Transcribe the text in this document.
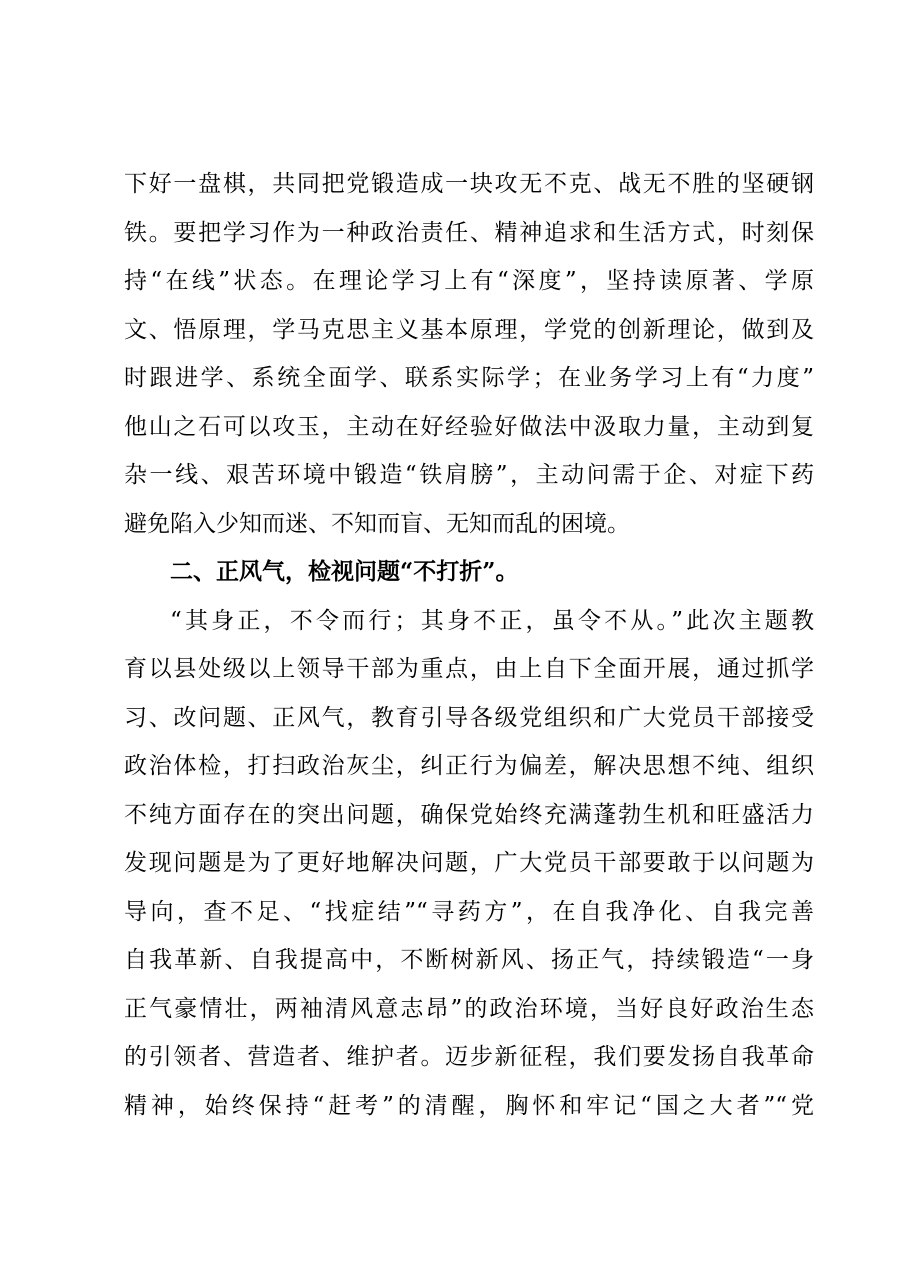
下好一盘棋，共同把党锻造成一块攻无不克、战无不胜的坚硬钢
铁。要把学习作为一种政治责任、精神追求和生活方式，时刻保
持“在线”状态。在理论学习上有“深度”，坚持读原著、学原
文、悟原理，学马克思主义基本原理，学党的创新理论，做到及
时跟进学、系统全面学、联系实际学；在业务学习上有“力度”
他山之石可以攻玉，主动在好经验好做法中汲取力量，主动到复
杂一线、艰苦环境中锻造“铁肩膀”，主动问需于企、对症下药
避免陷入少知而迷、不知而盲、无知而乱的困境。
二、正风气，检视问题“不打折”。
“其身正，不令而行；其身不正，虽令不从。”此次主题教
育以县处级以上领导干部为重点，由上自下全面开展，通过抓学
习、改问题、正风气，教育引导各级党组织和广大党员干部接受
政治体检，打扫政治灰尘，纠正行为偏差，解决思想不纯、组织
不纯方面存在的突出问题，确保党始终充满蓬勃生机和旺盛活力
发现问题是为了更好地解决问题，广大党员干部要敢于以问题为
导向，查不足、“找症结”“寻药方”，在自我净化、自我完善
自我革新、自我提高中，不断树新风、扬正气，持续锻造“一身
正气豪情壮，两袖清风意志昂”的政治环境，当好良好政治生态
的引领者、营造者、维护者。迈步新征程，我们要发扬自我革命
精神，始终保持“赶考”的清醒，胸怀和牢记“国之大者”“党
